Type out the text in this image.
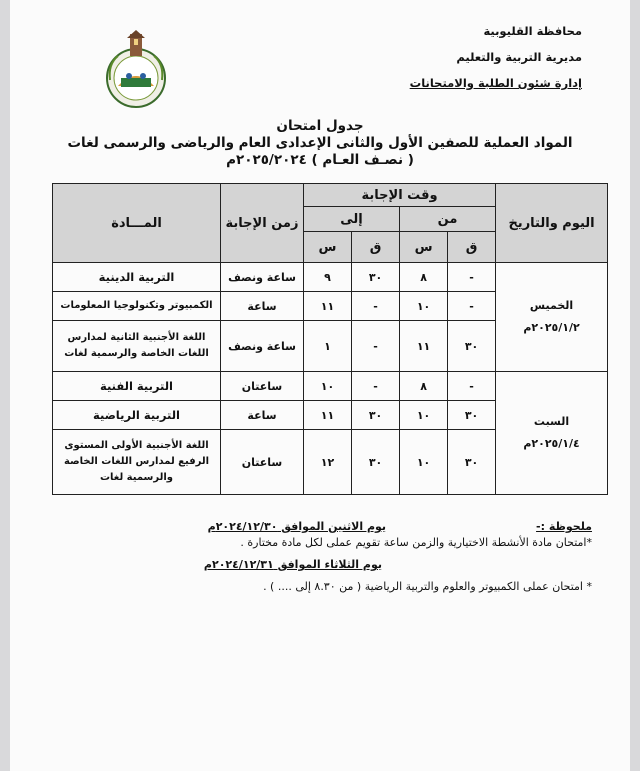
محافظة القليوبية
مديرية التربية والتعليم
إدارة شئون الطلبة والامتحانات
جدول امتحان
المواد العملية للصفين الأول والثانى الإعدادى العام والرياضى والرسمى لغات
( نصـف العـام ) ٢٠٢٥/٢٠٢٤م
اليوم والتاريخ	وقت الإجابة				زمن الإجابة	المـــادة
	من		إلى			
	ق	س	ق	س		

الخميس
٢٠٢٥/١/٢م	-	٨	٣٠	٩	ساعة ونصف	التربية الدينية
	-	١٠	-	١١	ساعة	الكمبيوتر وتكنولوجيا المعلومات
	٣٠	١١	-	١	ساعة ونصف	اللغة الأجنبية الثانية لمدارس اللغات الخاصة والرسمية لغات

السبت
٢٠٢٥/١/٤م	-	٨	-	١٠	ساعتان	التربية الفنية
	٣٠	١٠	٣٠	١١	ساعة	التربية الرياضية
	٣٠	١٠	٣٠	١٢	ساعتان	اللغة الأجنبية الأولى المستوى الرفيع لمدارس اللغات الخاصة والرسمية لغات
ملحوظة :-
يوم الاثنين الموافق ٢٠٢٤/١٢/٣٠م

*امتحان مادة الأنشطة الاختيارية والزمن ساعة تقويم عملى لكل مادة مختارة .

يوم الثلاثاء الموافق ٢٠٢٤/١٢/٣١م

* امتحان عملى الكمبيوتر والعلوم والتربية الرياضية ( من ٨.٣٠ إلى .... ) .
